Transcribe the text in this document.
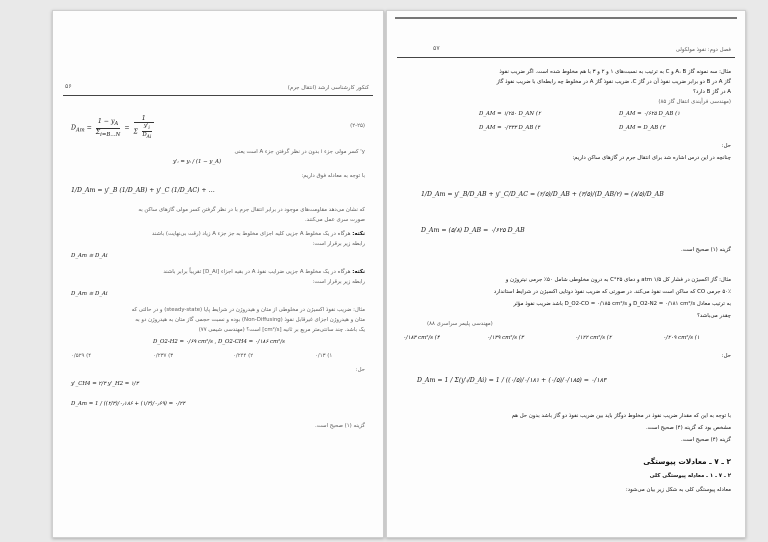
۵۶	کنکور کارشناسی ارشد (انتقال جرم)
$D_{Am} = \frac{1 - y_A}{\Sigma_{i=B\dots N}} = \frac{1}{\Sigma \frac{y'_i}{D_{Ai}}}$	(۲-۲۵)
y' کسر مولی جزء i بدون در نظر گرفتن جزء A است یعنی
y'ᵢ = yᵢ / (1 − y_A)
با توجه به معادله فوق داریم:
1/D_Am = y'_B (1/D_AB) + y'_C (1/D_AC) + …
که نشان می‌دهد مقاومت‌های موجود در برابر انتقال جرم با در نظر گرفتن کسر مولی گازهای ساکن به
صورت سری عمل می‌کنند.
نکته: هرگاه در یک مخلوط A جزیی کلیه اجزای مخلوط به جز جزء A زیاد (رقت بی‌نهایت) باشند
رابطه زیر برقرار است:
D_Am ≅ D_Ai
نکته: هرگاه در یک مخلوط A جزیی ضرایب نفوذ A در بقیه اجزاء [D_Ai] تقریباً برابر باشند
رابطه زیر برقرار است:
D_Am ≅ D_Ai
مثال: ضریب نفوذ اکسیژن در مخلوطی از متان و هیدروژن در شرایط پایا (steady-state) و در حالتی که
متان و هیدروژن اجزای غیرقابل نفوذ (Non-Diffusing) بوده و نسبت حجمی گاز متان به هیدروژن دو به
یک باشد. چند سانتی‌متر مربع بر ثانیه [cm²/s] است؟ (مهندسی شیمی ۷۷)
D_O2-H2 = ۰/۶۹ cm²/s , D_O2-CH4 = ۰/۱۸۶ cm²/s
۰/۵۲۹ (۴	۰/۲۳۷ (۳	۰/۲۴۴ (۲	۰/۱۳ (۱
حل:
y'_CH4 = ۲/۳ y'_H2 = ۱/۳
D_Am = 1 / ((۲/۳)/۰٫۱۸۶ + (۱/۳)/۰٫۶۹) = ۰/۲۴
گزینه (۱) صحیح است.
۵۷	فصل دوم: نفوذ مولکولی
مثال: سه نمونه گاز A، B و C به ترتیب به نسبت‌های ۱ و ۲ و ۳ با هم مخلوط شده است. اگر ضریب نفوذ
گاز A در B دو برابر ضریب نفوذ آن در گاز C، ضریب نفوذ گاز A در مخلوط چه رابطه‌ای با ضریب نفوذ گاز
A در گاز B دارد؟
(مهندسی فرآیندی انتقال گاز ۸۵)
D_AM = ۰/۶۲۵ D_AB (۱
D_AM = ۱/۲۵۰ D_AN (۲
D_AM = D_AB (۳
D_AM = ۰/۳۳۳ D_AB (۴
حل:
چنانچه در این درس اشاره شد برای انتقال جرم در گازهای ساکن داریم:
1/D_Am = y'_B/D_AB + y'_C/D_AC = (۲/۵)/D_AB + (۳/۵)/(D_AB/۲) = (۸/۵)/D_AB
D_Am = (۵/۸) D_AB = ۰/۶۲۵ D_AB
گزینه (۱) صحیح است.
مثال: گاز اکسیژن در فشار کل ۱/۵ atm و دمای ۲۵°C به درون مخلوطی شامل ۵۰٪ جرمی نیتروژن و
۵۰٪ جرمی CO که ساکن است نفوذ می‌کند. در صورتی که ضریب نفوذ دوتایی اکسیژن در شرایط استاندارد
به ترتیب معادل D_O2-N2 = ۰/۱۸۱ cm²/s و D_O2-CO = ۰/۱۸۵ cm²/s باشد ضریب نفوذ مؤثر
چقدر می‌باشد؟
(مهندسی پلیمر سراسری ۸۸)
۰/۲۰۹ cm²/s (۱
۰/۱۲۲ cm²/s (۲
۰/۱۳۹ cm²/s (۳
۰/۱۸۳ cm²/s (۴
حل:
D_Am = 1 / Σ(y'ᵢ/D_Ai) = 1 / ((۰/۵)/۰/۱۸۱ + (۰/۵)/۰/۱۸۵) = ۰/۱۸۳
با توجه به این که مقدار ضریب نفوذ در مخلوط دوگاز باید بین ضریب نفوذ دو گاز باشد بدون حل هم
مشخص بود که گزینه (۴) صحیح است.
گزینه (۴) صحیح است.
۲ ـ ۷ ـ معادلات پیوستگی
۲ ـ ۷ ـ ۱ ـ معادله پیوستگی کلی
معادله پیوستگی کلی به شکل زیر بیان می‌شود:
